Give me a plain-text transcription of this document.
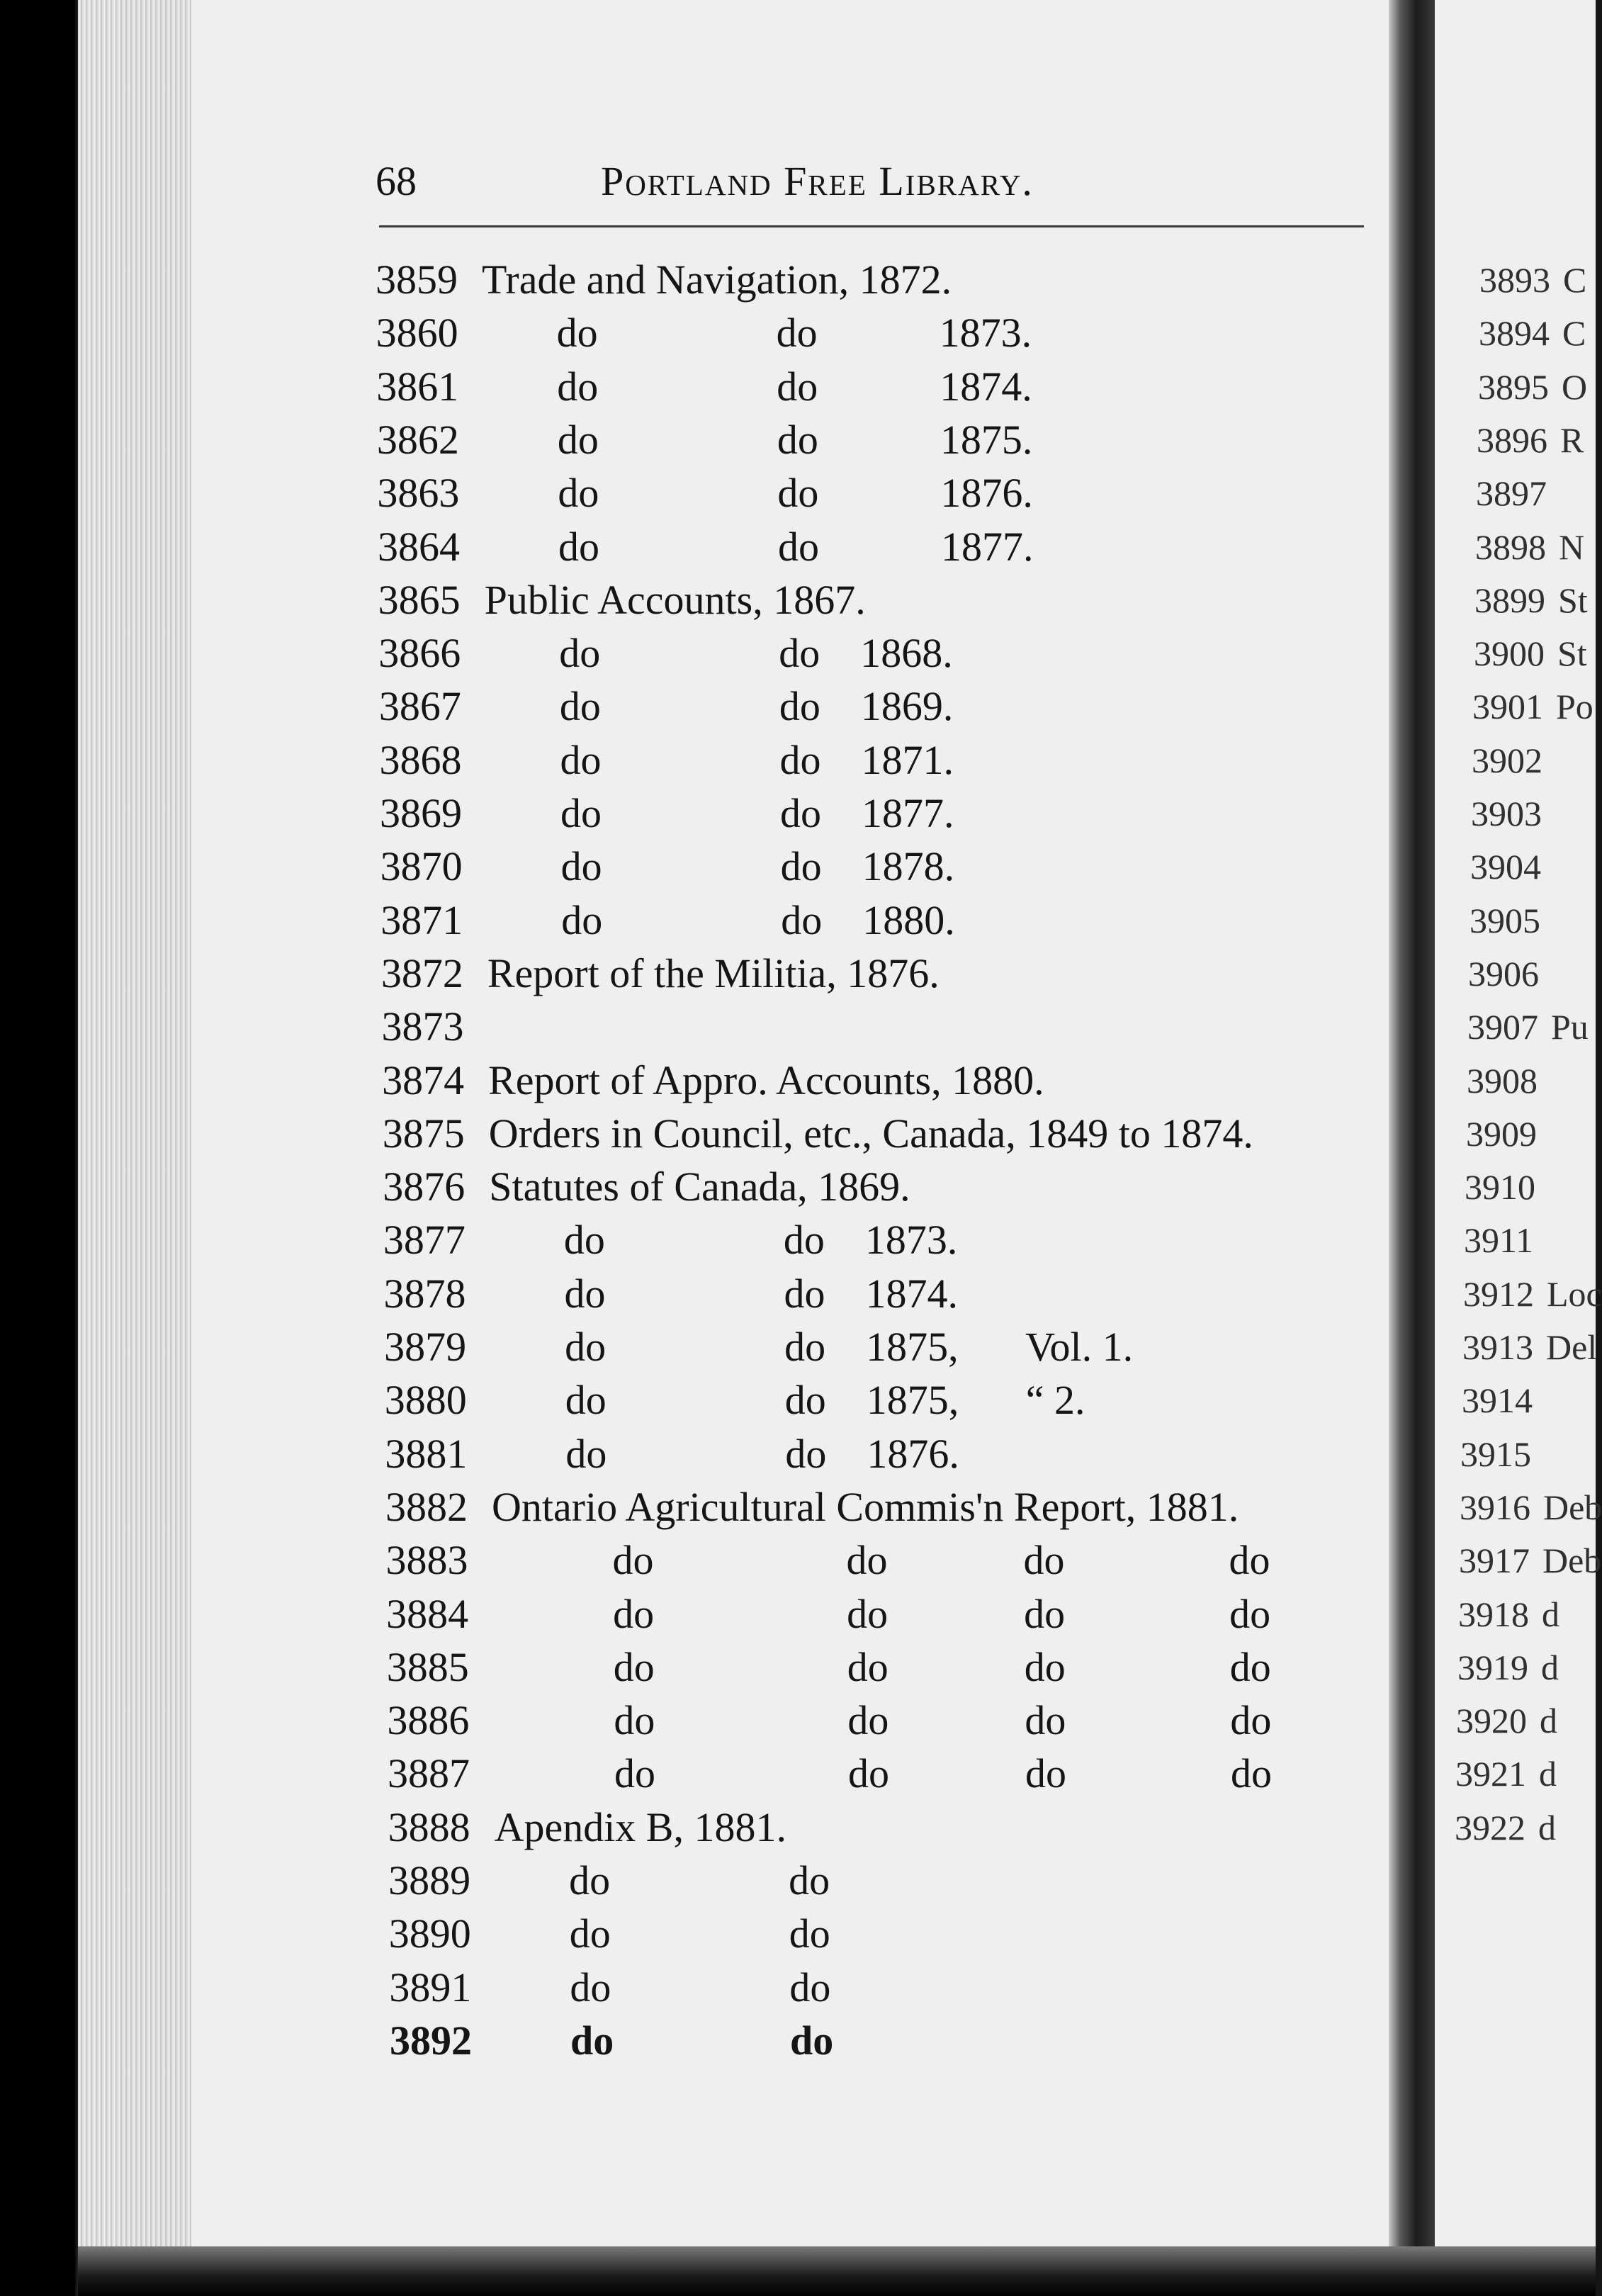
3893 C
3894 C
3895 O
3896 R
3897
3898 N
3899 St
3900 St
3901 Po
3902
3903
3904
3905
3906
3907 Pu
3908
3909
3910
3911
3912 Loc
3913 Del
3914
3915
3916 Deb
3917 Deb
3918 d
3919 d
3920 d
3921 d
3922 d
68	Portland Free Library.
3859 Trade and Navigation, 1872.
3860 do	do	1873.
3861 do	do	1874.
3862 do	do	1875.
3863 do	do	1876.
3864 do	do	1877.
3865 Public Accounts, 1867.
3866 do	do 1868.
3867 do	do 1869.
3868 do	do 1871.
3869 do	do 1877.
3870 do	do 1878.
3871 do	do 1880.
3872 Report of the Militia, 1876.
3873
3874 Report of Appro. Accounts, 1880.
3875 Orders in Council, etc., Canada, 1849 to 1874.
3876 Statutes of Canada, 1869.
3877 do	do 1873.
3878 do	do 1874.
3879 do	do 1875, Vol. 1.
3880 do	do 1875, “ 2.
3881 do	do 1876.
3882 Ontario Agricultural Commis'n Report, 1881.
3883	do	do	do	do
3884	do	do	do	do
3885	do	do	do	do
3886	do	do	do	do
3887	do	do	do	do
3888 Apendix B, 1881.
3889 do	do
3890 do	do
3891 do	do
3892 do	do
